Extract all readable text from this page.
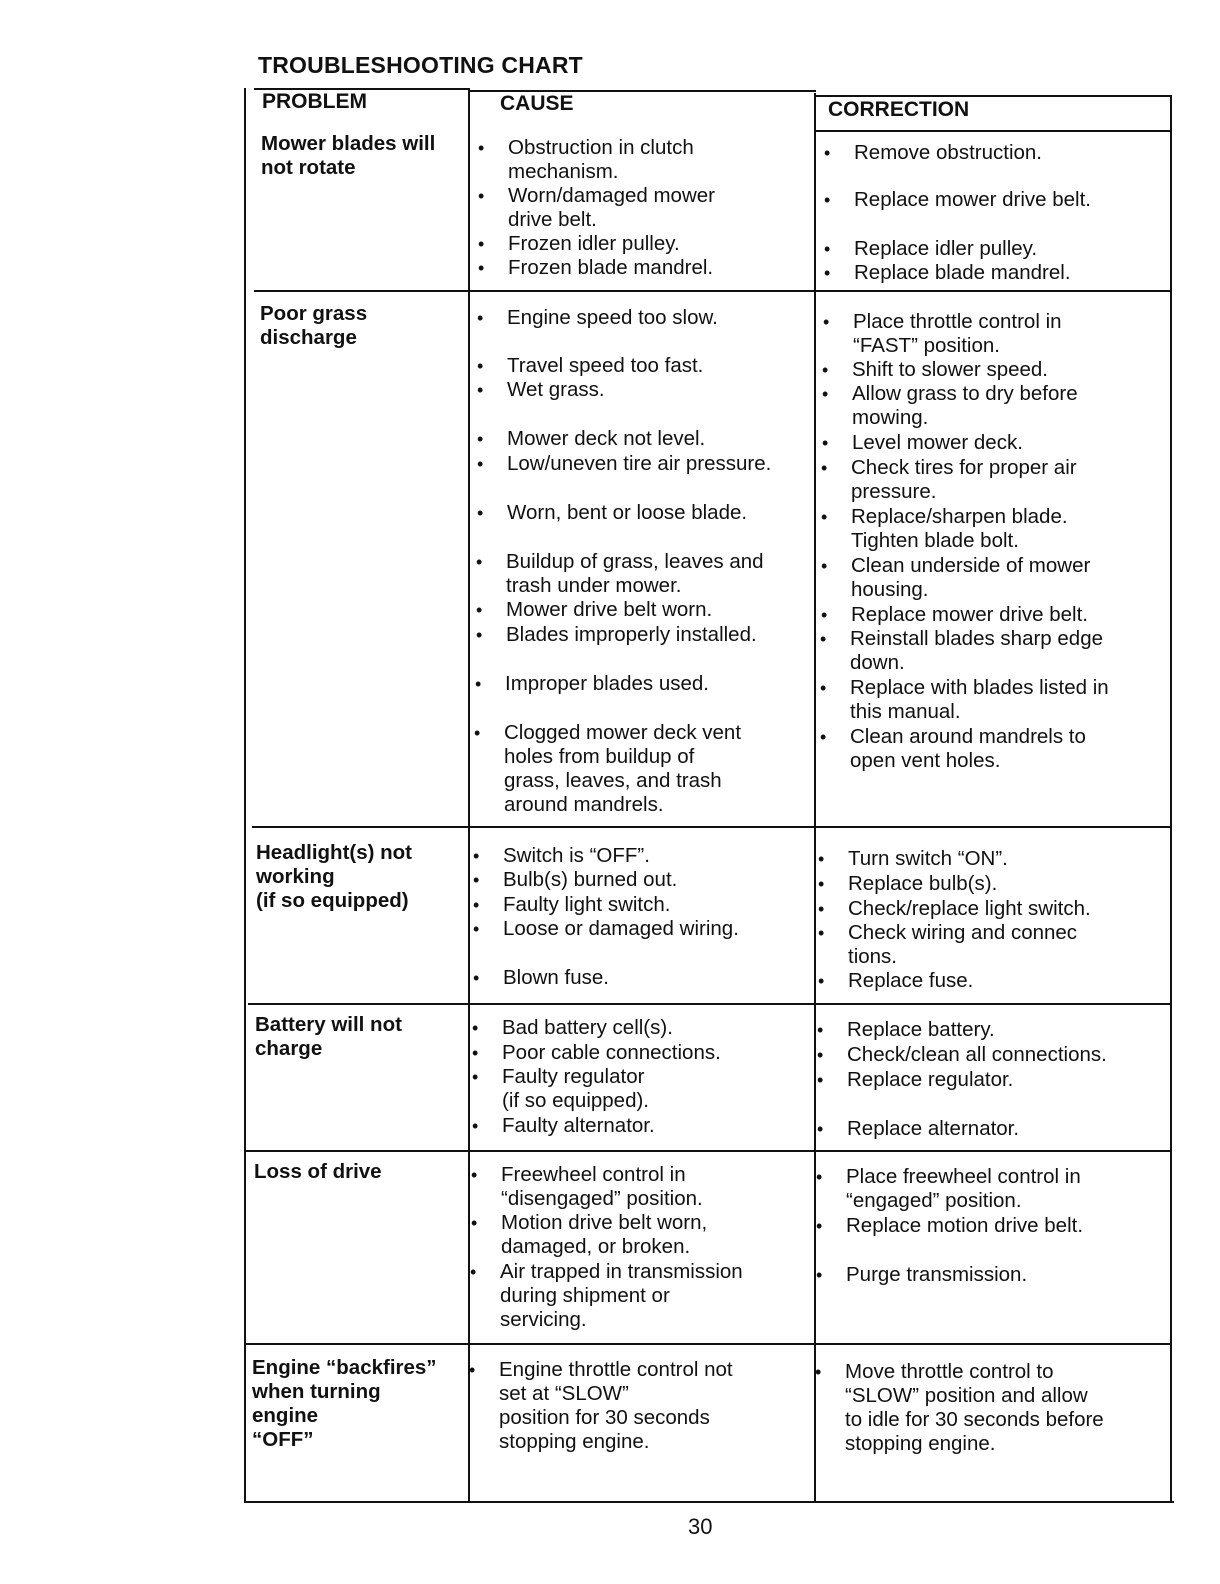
TROUBLESHOOTING CHART
PROBLEM	CAUSE	CORRECTION
Mower blades will
not rotate
• Obstruction in clutch
mechanism.
• Worn/damaged mower
drive belt.
• Frozen idler pulley.
• Frozen blade mandrel.
• Remove obstruction.
• Replace mower drive belt.
• Replace idler pulley.
• Replace blade mandrel.
Poor grass
discharge
• Engine speed too slow.
• Travel speed too fast.
• Wet grass.
• Mower deck not level.
• Low/uneven tire air pressure.
• Worn, bent or loose blade.
• Buildup of grass, leaves and
trash under mower.
• Mower drive belt worn.
• Blades improperly installed.
• Improper blades used.
• Clogged mower deck vent
holes from buildup of
grass, leaves, and trash
around mandrels.
• Place throttle control in
“FAST” position.
• Shift to slower speed.
• Allow grass to dry before
mowing.
• Level mower deck.
• Check tires for proper air
pressure.
• Replace/sharpen blade.
Tighten blade bolt.
• Clean underside of mower
housing.
• Replace mower drive belt.
• Reinstall blades sharp edge
down.
• Replace with blades listed in
this manual.
• Clean around mandrels to
open vent holes.
Headlight(s) not
working
(if so equipped)
• Switch is “OFF”.
• Bulb(s) burned out.
• Faulty light switch.
• Loose or damaged wiring.
• Blown fuse.
• Turn switch “ON”.
• Replace bulb(s).
• Check/replace light switch.
• Check wiring and connec
tions.
• Replace fuse.
Battery will not
charge
• Bad battery cell(s).
• Poor cable connections.
• Faulty regulator
(if so equipped).
• Faulty alternator.
• Replace battery.
• Check/clean all connections.
• Replace regulator.
• Replace alternator.
Loss of drive
•	Freewheel control in
“disengaged” position.
• Motion drive belt worn,
damaged, or broken.
• Air trapped in transmission
during shipment or
servicing.
• Place freewheel control in
“engaged” position.
• Replace motion drive belt.
• Purge transmission.
Engine “backfires”
when turning
engine
“OFF”
• Engine throttle control not
set at “SLOW”
position for 30 seconds
stopping engine.
• Move throttle control to
“SLOW” position and allow
to idle for 30 seconds before
stopping engine.
30
